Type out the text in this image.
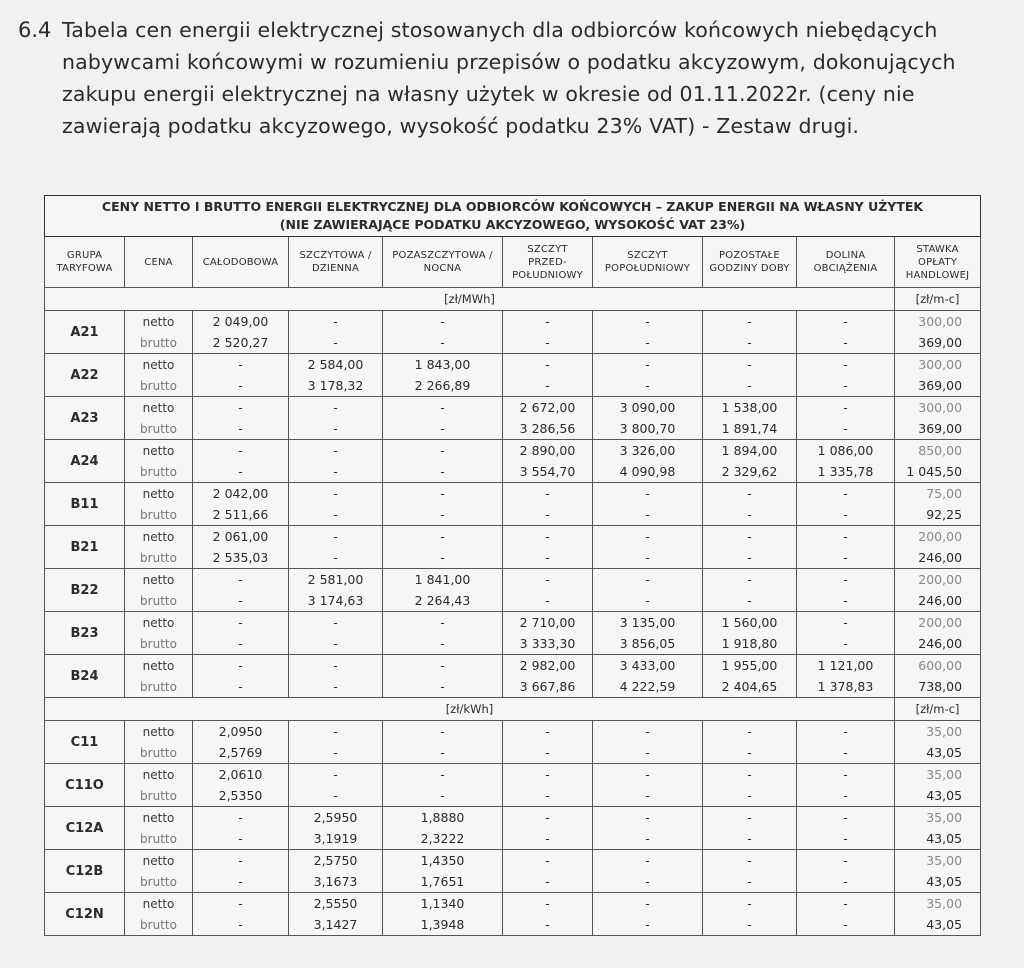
6.4 Tabela cen energii elektrycznej stosowanych dla odbiorców końcowych niebędących
nabywcami końcowymi w rozumieniu przepisów o podatku akcyzowym, dokonujących
zakupu energii elektrycznej na własny użytek w okresie od 01.11.2022r. (ceny nie
zawierają podatku akcyzowego, wysokość podatku 23% VAT) - Zestaw drugi.
CENY NETTO I BRUTTO ENERGII ELEKTRYCZNEJ DLA ODBIORCÓW KOŃCOWYCH – ZAKUP ENERGII NA WŁASNY UŻYTEK
(NIE ZAWIERAJĄCE PODATKU AKCYZOWEGO, WYSOKOŚĆ VAT 23%)									

GRUPA TARYFOWA	CENA	CAŁODOBOWA	SZCZYTOWA / DZIENNA	POZASZCZYTOWA / NOCNA	SZCZYT PRZED-POŁUDNIOWY	SZCZYT POPOŁUDNIOWY	POZOSTAŁE GODZINY DOBY	DOLINA OBCIĄŻENIA	STAWKA OPŁATY HANDLOWEJ
[zł/MWh]									[zł/m-c]
A21	netto	2 049,00	-	-	-	-	-	-	300,00
	brutto	2 520,27	-	-	-	-	-	-	369,00
A22	netto	-	2 584,00	1 843,00	-	-	-	-	300,00
	brutto	-	3 178,32	2 266,89	-	-	-	-	369,00
A23	netto	-	-	-	2 672,00	3 090,00	1 538,00	-	300,00
	brutto	-	-	-	3 286,56	3 800,70	1 891,74	-	369,00
A24	netto	-	-	-	2 890,00	3 326,00	1 894,00	1 086,00	850,00
	brutto	-	-	-	3 554,70	4 090,98	2 329,62	1 335,78	1 045,50
B11	netto	2 042,00	-	-	-	-	-	-	75,00
	brutto	2 511,66	-	-	-	-	-	-	92,25
B21	netto	2 061,00	-	-	-	-	-	-	200,00
	brutto	2 535,03	-	-	-	-	-	-	246,00
B22	netto	-	2 581,00	1 841,00	-	-	-	-	200,00
	brutto	-	3 174,63	2 264,43	-	-	-	-	246,00
B23	netto	-	-	-	2 710,00	3 135,00	1 560,00	-	200,00
	brutto	-	-	-	3 333,30	3 856,05	1 918,80	-	246,00
B24	netto	-	-	-	2 982,00	3 433,00	1 955,00	1 121,00	600,00
	brutto	-	-	-	3 667,86	4 222,59	2 404,65	1 378,83	738,00
[zł/kWh]									[zł/m-c]
C11	netto	2,0950	-	-	-	-	-	-	35,00
	brutto	2,5769	-	-	-	-	-	-	43,05
C11O	netto	2,0610	-	-	-	-	-	-	35,00
	brutto	2,5350	-	-	-	-	-	-	43,05
C12A	netto	-	2,5950	1,8880	-	-	-	-	35,00
	brutto	-	3,1919	2,3222	-	-	-	-	43,05
C12B	netto	-	2,5750	1,4350	-	-	-	-	35,00
	brutto	-	3,1673	1,7651	-	-	-	-	43,05
C12N	netto	-	2,5550	1,1340	-	-	-	-	35,00
	brutto	-	3,1427	1,3948	-	-	-	-	43,05
